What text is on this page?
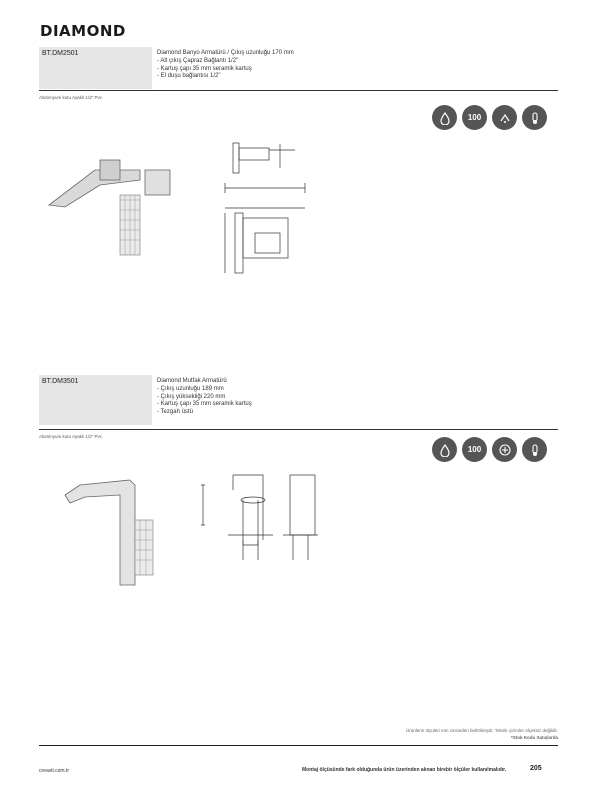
DIAMOND
BT.DM2501	Diamond Banyo Armatürü / Çıkış uzunluğu 170 mm
- Alt çıkış Çapraz Bağlantı 1/2"
- Kartuş çapı 35 mm seramik kartuş
- El duşu bağlantısı 1/2"
Alüminyum kutu Ayaklı 1/2" Pvc
100
BT.DM3501	Diamond Mutfak Armatürü
- Çıkış uzunluğu 189 mm
- Çıkış yüksekliği 220 mm
- Kartuş çapı 35 mm seramik kartuş
- Tezgah üstü
Alüminyum kutu Ayaklı 1/2" Pvc
100
Ürünlerin ölçüleri mm cinsinden belirtilmiştir. Teknik çizimler ölçeksiz değildir.
*Stok Kodu Satışlarda
creavit.com.tr	Montaj ölçüsünde fark olduğunda ürün üzerinden alınan birebir ölçüler kullanılmalıdır.	205
